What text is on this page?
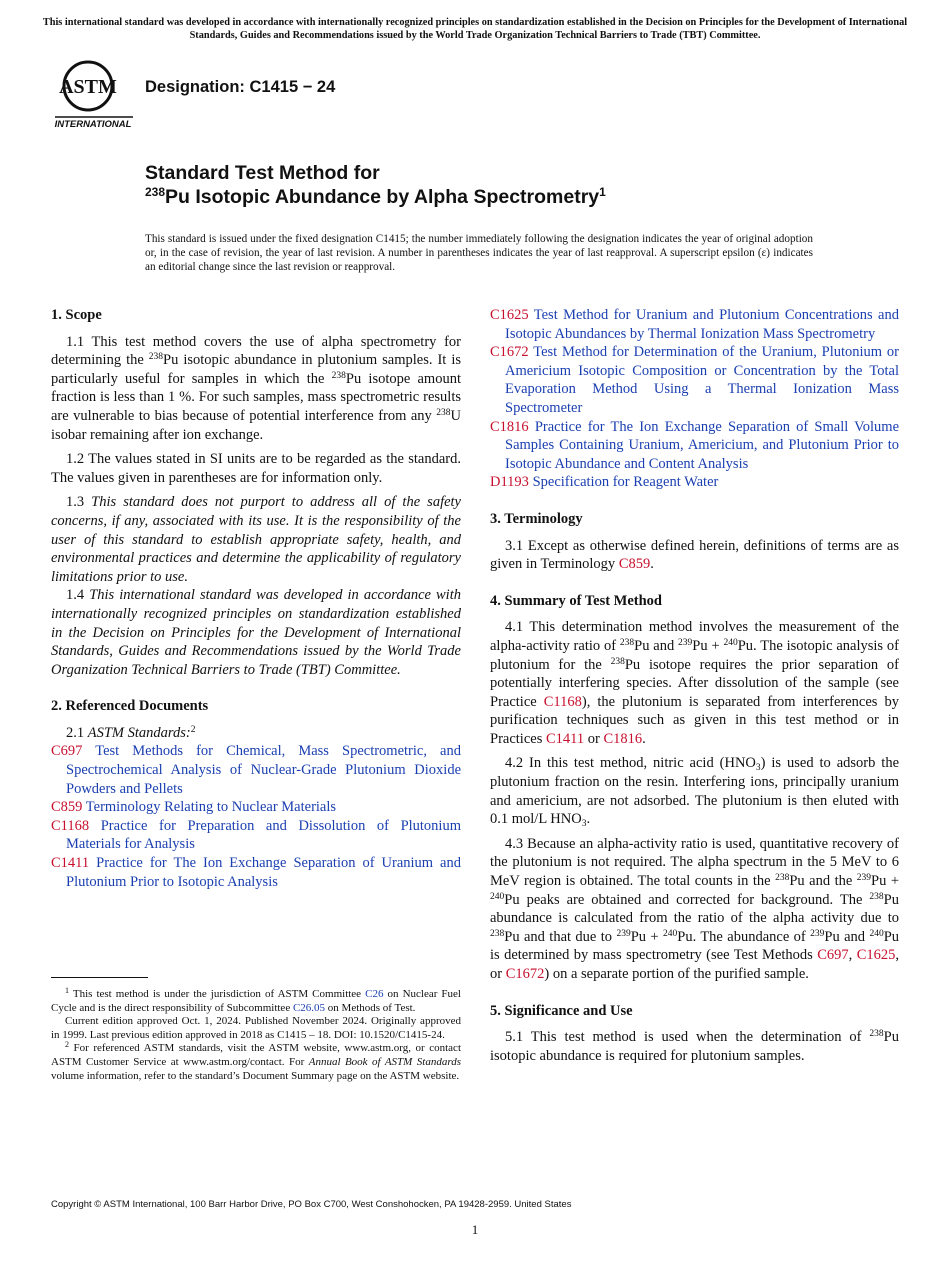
This international standard was developed in accordance with internationally recognized principles on standardization established in the Decision on Principles for the Development of International Standards, Guides and Recommendations issued by the World Trade Organization Technical Barriers to Trade (TBT) Committee.
ASTM
INTERNATIONAL
Designation: C1415 − 24
Standard Test Method for
$^{238}$Pu Isotopic Abundance by Alpha Spectrometry$^1$
This standard is issued under the fixed designation C1415; the number immediately following the designation indicates the year of original adoption or, in the case of revision, the year of last revision. A number in parentheses indicates the year of last reapproval. A superscript epsilon (ε) indicates an editorial change since the last revision or reapproval.
1. Scope
1.1 This test method covers the use of alpha spectrometry for determining the $^{238}$Pu isotopic abundance in plutonium samples. It is particularly useful for samples in which the $^{238}$Pu isotope amount fraction is less than 1 %. For such samples, mass spectrometric results are vulnerable to bias because of potential interference from any $^{238}$U isobar remaining after ion exchange.
1.2 The values stated in SI units are to be regarded as the standard. The values given in parentheses are for information only.
1.3 This standard does not purport to address all of the safety concerns, if any, associated with its use. It is the responsibility of the user of this standard to establish appropriate safety, health, and environmental practices and determine the applicability of regulatory limitations prior to use.
1.4 This international standard was developed in accordance with internationally recognized principles on standardization established in the Decision on Principles for the Development of International Standards, Guides and Recommendations issued by the World Trade Organization Technical Barriers to Trade (TBT) Committee.
2. Referenced Documents
2.1 ASTM Standards:$^2$
C697 Test Methods for Chemical, Mass Spectrometric, and Spectrochemical Analysis of Nuclear-Grade Plutonium Dioxide Powders and Pellets
C859 Terminology Relating to Nuclear Materials
C1168 Practice for Preparation and Dissolution of Plutonium Materials for Analysis
C1411 Practice for The Ion Exchange Separation of Uranium and Plutonium Prior to Isotopic Analysis
$^1$ This test method is under the jurisdiction of ASTM Committee C26 on Nuclear Fuel Cycle and is the direct responsibility of Subcommittee C26.05 on Methods of Test.
Current edition approved Oct. 1, 2024. Published November 2024. Originally approved in 1999. Last previous edition approved in 2018 as C1415 – 18. DOI: 10.1520/C1415-24.
$^2$ For referenced ASTM standards, visit the ASTM website, www.astm.org, or contact ASTM Customer Service at www.astm.org/contact. For Annual Book of ASTM Standards volume information, refer to the standard’s Document Summary page on the ASTM website.
C1625 Test Method for Uranium and Plutonium Concentrations and Isotopic Abundances by Thermal Ionization Mass Spectrometry
C1672 Test Method for Determination of the Uranium, Plutonium or Americium Isotopic Composition or Concentration by the Total Evaporation Method Using a Thermal Ionization Mass Spectrometer
C1816 Practice for The Ion Exchange Separation of Small Volume Samples Containing Uranium, Americium, and Plutonium Prior to Isotopic Abundance and Content Analysis
D1193 Specification for Reagent Water
3. Terminology
3.1 Except as otherwise defined herein, definitions of terms are as given in Terminology C859.
4. Summary of Test Method
4.1 This determination method involves the measurement of the alpha-activity ratio of $^{238}$Pu and $^{239}$Pu + $^{240}$Pu. The isotopic analysis of plutonium for the $^{238}$Pu isotope requires the prior separation of potentially interfering species. After dissolution of the sample (see Practice C1168), the plutonium is separated from interferences by purification techniques such as given in this test method or in Practices C1411 or C1816.
4.2 In this test method, nitric acid $(HNO_3)$ is used to adsorb the plutonium fraction on the resin. Interfering ions, principally uranium and americium, are not adsorbed. The plutonium is then eluted with 0.1 mol/L $HNO_3$.
4.3 Because an alpha-activity ratio is used, quantitative recovery of the plutonium is not required. The alpha spectrum in the 5 MeV to 6 MeV region is obtained. The total counts in the $^{238}$Pu and the $^{239}$Pu + $^{240}$Pu peaks are obtained and corrected for background. The $^{238}$Pu abundance is calculated from the ratio of the alpha activity due to $^{238}$Pu and that due to $^{239}$Pu + $^{240}$Pu. The abundance of $^{239}$Pu and $^{240}$Pu is determined by mass spectrometry (see Test Methods C697, C1625, or C1672) on a separate portion of the purified sample.
5. Significance and Use
5.1 This test method is used when the determination of $^{238}$Pu isotopic abundance is required for plutonium samples.
Copyright © ASTM International, 100 Barr Harbor Drive, PO Box C700, West Conshohocken, PA 19428-2959. United States
1
